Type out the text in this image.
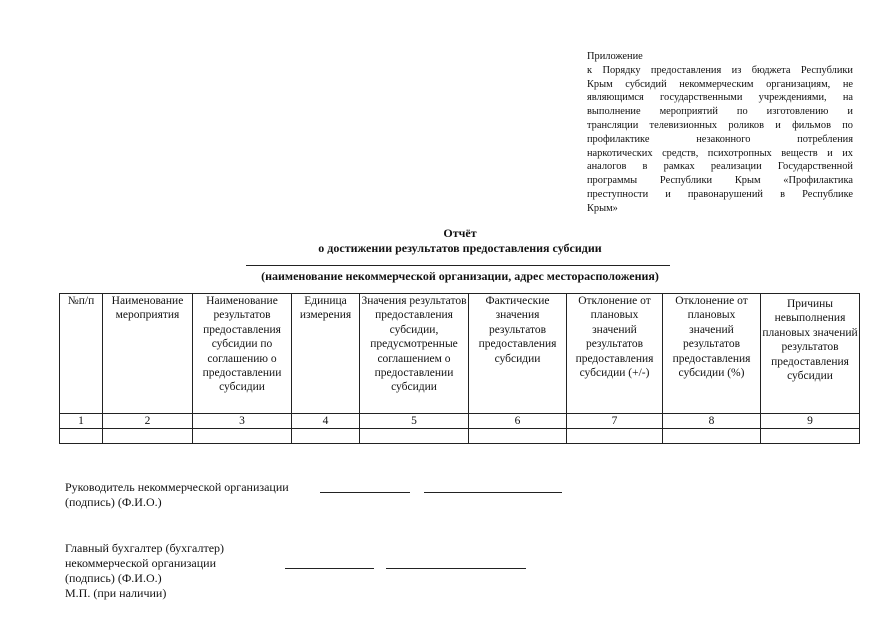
Приложение
к Порядку предоставления из бюджета Республики
Крым субсидий некоммерческим организациям, не
являющимся государственными учреждениями, на
выполнение мероприятий по изготовлению и
трансляции телевизионных роликов и фильмов по
профилактике незаконного потребления
наркотических средств, психотропных веществ и их
аналогов в рамках реализации Государственной
программы Республики Крым «Профилактика
преступности и правонарушений в Республике
Крым»
Отчёт
о достижении результатов предоставления субсидии
(наименование некоммерческой организации, адрес месторасположения)
№п/п	Наименование мероприятия	Наименование результатов предоставления субсидии по соглашению о предоставлении субсидии	Единица измерения	Значения результатов предоставления субсидии, предусмотренные соглашением о предоставлении субсидии	Фактические значения результатов предоставления субсидии	Отклонение от плановых значений результатов предоставления субсидии (+/-)	Отклонение от плановых значений результатов предоставления субсидии (%)	Причины невыполнения плановых значений результатов предоставления субсидии
1	2	3	4	5	6	7	8	9

Руководитель некоммерческой организации
(подпись) (Ф.И.О.)
Главный бухгалтер (бухгалтер)
некоммерческой организации
(подпись) (Ф.И.О.)
М.П. (при наличии)
